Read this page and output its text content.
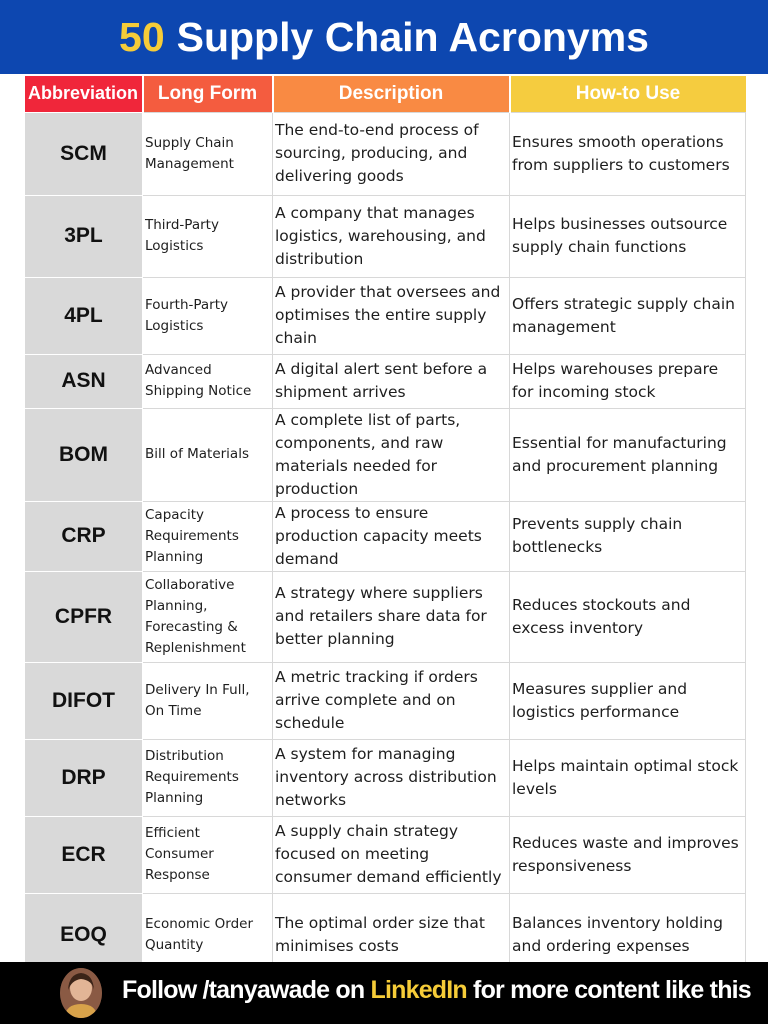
50 Supply Chain Acronyms
Abbreviation	Long Form	Description	How-to Use
SCM	Supply Chain Management	The end-to-end process of sourcing, producing, and delivering goods	Ensures smooth operations from suppliers to customers
3PL	Third-Party Logistics	A company that manages logistics, warehousing, and distribution	Helps businesses outsource supply chain functions
4PL	Fourth-Party Logistics	A provider that oversees and optimises the entire supply chain	Offers strategic supply chain management
ASN	Advanced Shipping Notice	A digital alert sent before a shipment arrives	Helps warehouses prepare for incoming stock
BOM	Bill of Materials	A complete list of parts, components, and raw materials needed for production	Essential for manufacturing and procurement planning
CRP	Capacity Requirements Planning	A process to ensure production capacity meets demand	Prevents supply chain bottlenecks
CPFR	Collaborative Planning, Forecasting & Replenishment	A strategy where suppliers and retailers share data for better planning	Reduces stockouts and excess inventory
DIFOT	Delivery In Full, On Time	A metric tracking if orders arrive complete and on schedule	Measures supplier and logistics performance
DRP	Distribution Requirements Planning	A system for managing inventory across distribution networks	Helps maintain optimal stock levels
ECR	Efficient Consumer Response	A supply chain strategy focused on meeting consumer demand efficiently	Reduces waste and improves responsiveness
EOQ	Economic Order Quantity	The optimal order size that minimises costs	Balances inventory holding and ordering expenses
Follow /tanyawade on LinkedIn for more content like this
